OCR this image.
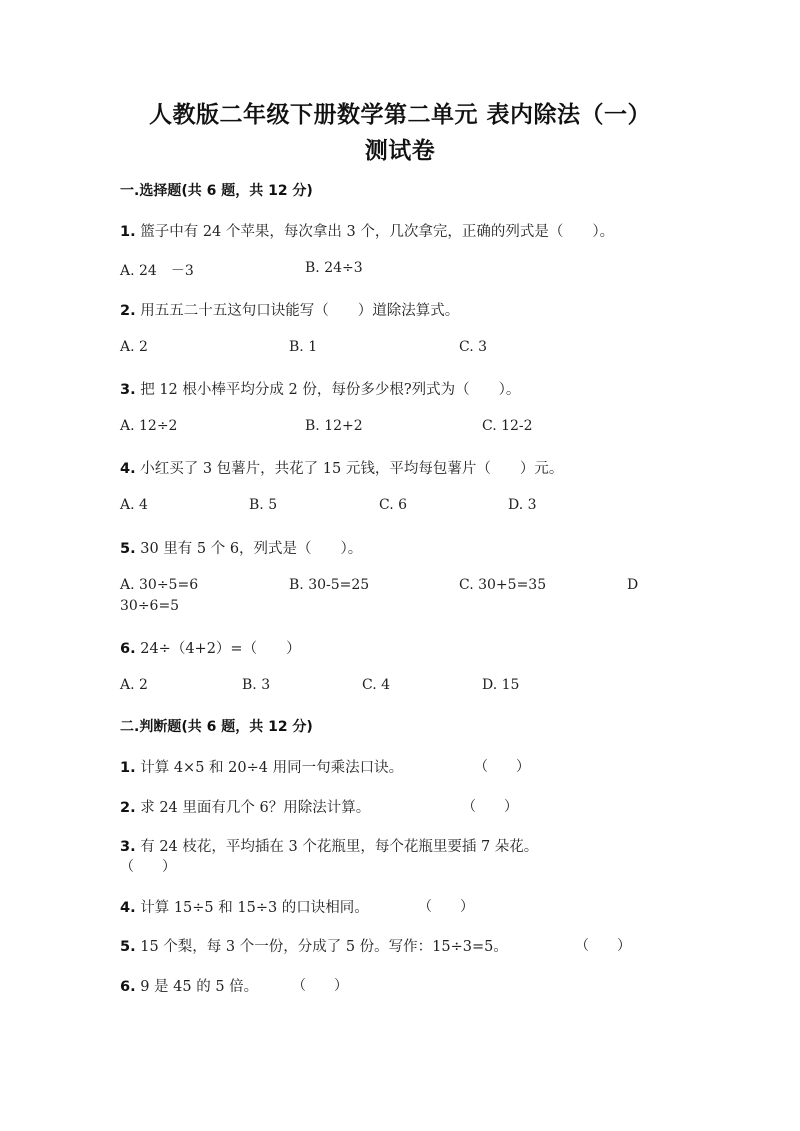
人教版二年级下册数学第二单元 表内除法（一）
测试卷
一.选择题(共 6 题，共 12 分)
1. 篮子中有 24 个苹果，每次拿出 3 个，几次拿完，正确的列式是（　　）。
A. 24　－3	B. 24÷3
2. 用五五二十五这句口诀能写（　　）道除法算式。
A. 2	B. 1	C. 3
3. 把 12 根小棒平均分成 2 份，每份多少根?列式为（　　）。
A. 12÷2	B. 12+2	C. 12-2
4. 小红买了 3 包薯片，共花了 15 元钱，平均每包薯片（　　）元。
A. 4	B. 5	C. 6	D. 3
5. 30 里有 5 个 6，列式是（　　）。
A. 30÷5=6	B. 30-5=25	C. 30+5=35	D
30÷6=5
6. 24÷（4+2）=（　　）
A. 2	B. 3	C. 4	D. 15
二.判断题(共 6 题，共 12 分)
1. 计算 4×5 和 20÷4 用同一句乘法口诀。	（　　）
2. 求 24 里面有几个 6？用除法计算。	（　　）
3. 有 24 枝花，平均插在 3 个花瓶里，每个花瓶里要插 7 朵花。
（　　）
4. 计算 15÷5 和 15÷3 的口诀相同。	（　　）
5. 15 个梨，每 3 个一份，分成了 5 份。写作：15÷3=5。	（　　）
6. 9 是 45 的 5 倍。 （　　）
